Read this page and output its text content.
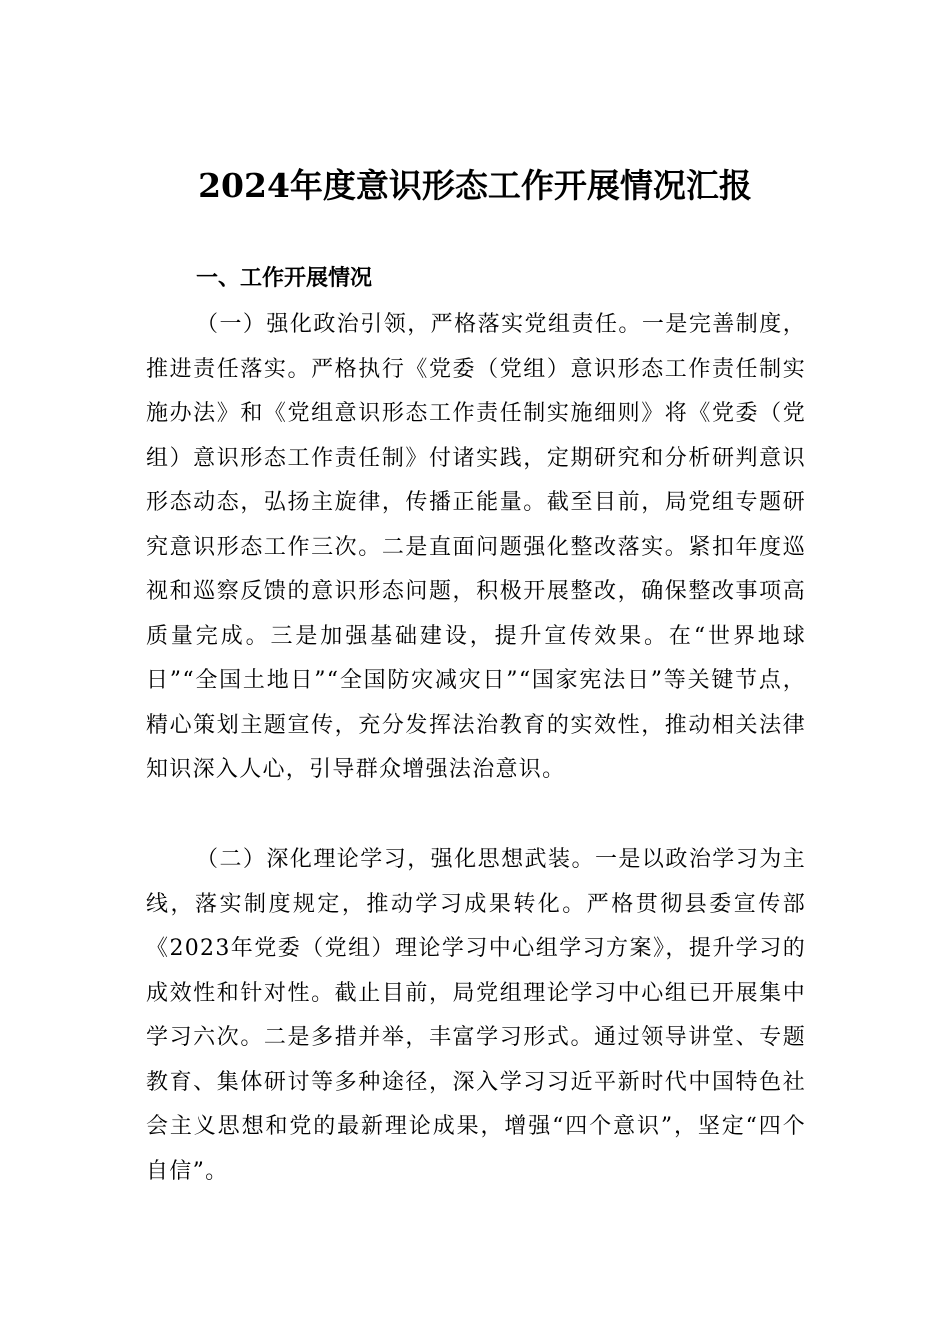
2024年度意识形态工作开展情况汇报
一、工作开展情况

（一）强化政治引领，严格落实党组责任。一是完善制度，推进责任落实。严格执行《党委（党组）意识形态工作责任制实施办法》和《党组意识形态工作责任制实施细则》将《党委（党组）意识形态工作责任制》付诸实践，定期研究和分析研判意识形态动态，弘扬主旋律，传播正能量。截至目前，局党组专题研究意识形态工作三次。二是直面问题强化整改落实。紧扣年度巡视和巡察反馈的意识形态问题，积极开展整改，确保整改事项高质量完成。三是加强基础建设，提升宣传效果。在“世界地球日”“全国土地日”“全国防灾减灾日”“国家宪法日”等关键节点，精心策划主题宣传，充分发挥法治教育的实效性，推动相关法律知识深入人心，引导群众增强法治意识。

（二）深化理论学习，强化思想武装。一是以政治学习为主线，落实制度规定，推动学习成果转化。严格贯彻县委宣传部《2023年党委（党组）理论学习中心组学习方案》，提升学习的成效性和针对性。截止目前，局党组理论学习中心组已开展集中学习六次。二是多措并举，丰富学习形式。通过领导讲堂、专题教育、集体研讨等多种途径，深入学习习近平新时代中国特色社会主义思想和党的最新理论成果，增强“四个意识”，坚定“四个自信”。
